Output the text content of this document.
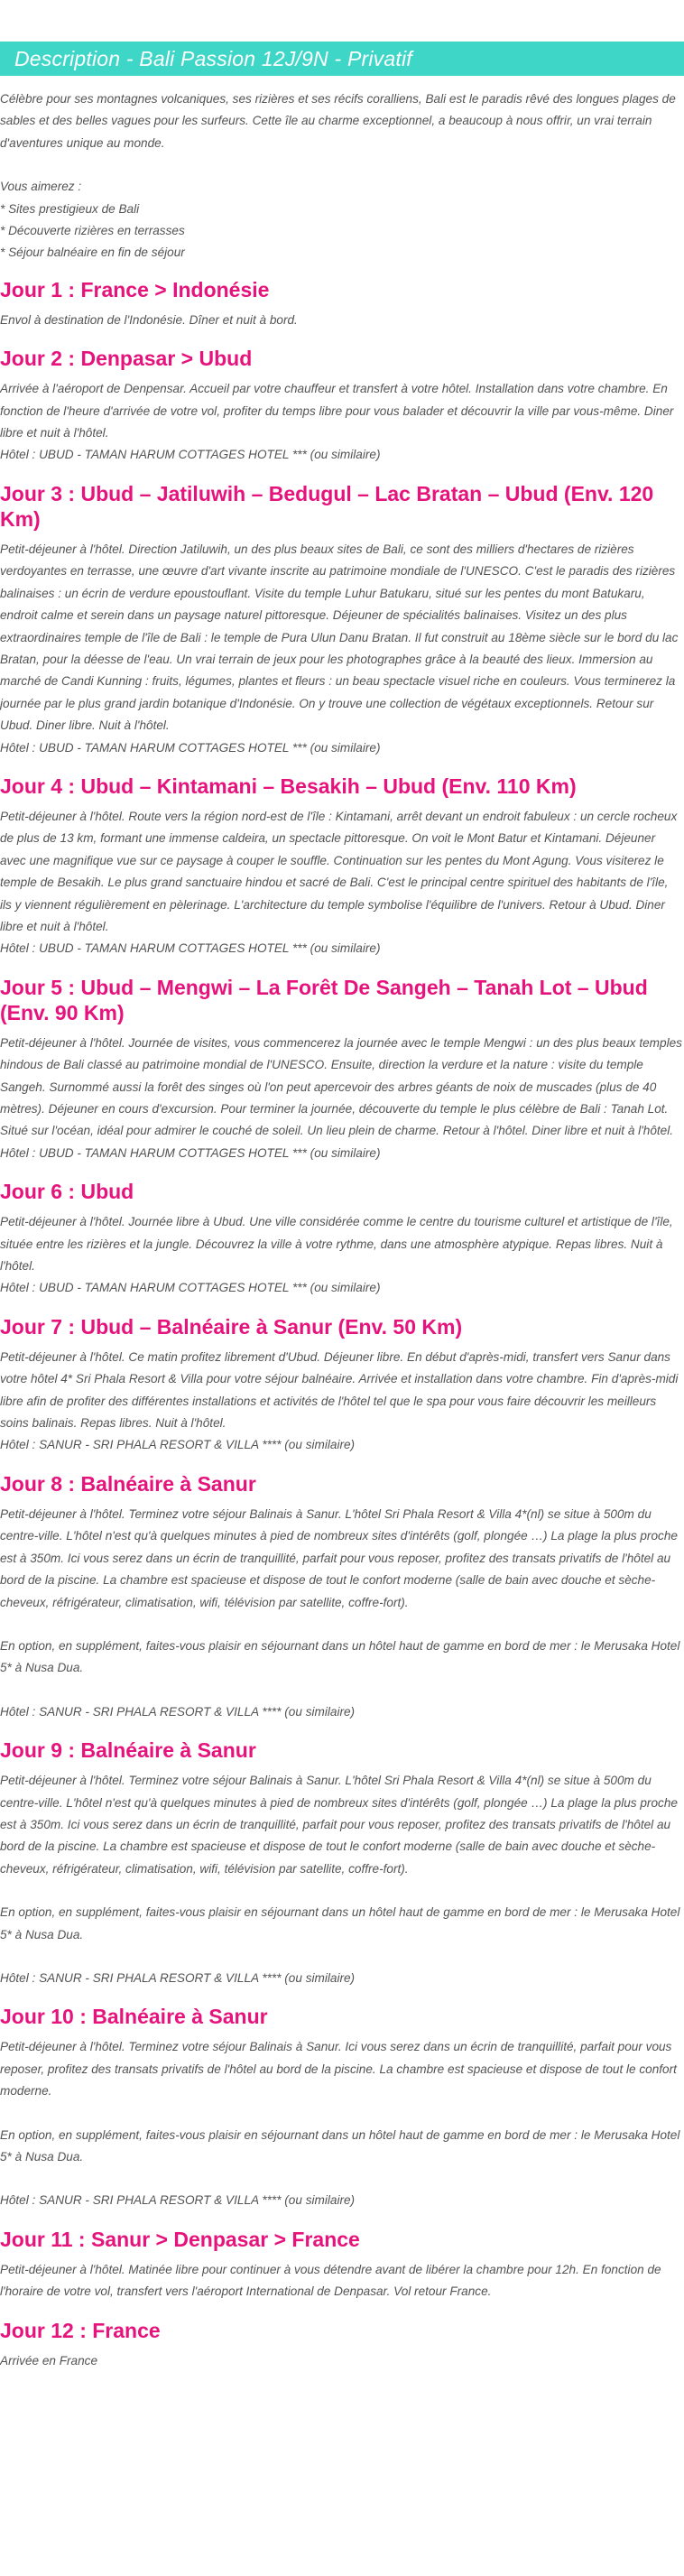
Description - Bali Passion 12J/9N - Privatif

Célèbre pour ses montagnes volcaniques, ses rizières et ses récifs coralliens, Bali est le paradis rêvé des longues plages de sables et des belles vagues pour les surfeurs. Cette île au charme exceptionnel, a beaucoup à nous offrir, un vrai terrain d'aventures unique au monde.

Vous aimerez :

* Sites prestigieux de Bali

* Découverte rizières en terrasses

* Séjour balnéaire en fin de séjour

Jour 1 : France > Indonésie

Envol à destination de l'Indonésie. Dîner et nuit à bord.

Jour 2 : Denpasar > Ubud

Arrivée à l'aéroport de Denpensar. Accueil par votre chauffeur et transfert à votre hôtel. Installation dans votre chambre. En fonction de l'heure d'arrivée de votre vol, profiter du temps libre pour vous balader et découvrir la ville par vous-même. Diner libre et nuit à l'hôtel.

Hôtel : UBUD - TAMAN HARUM COTTAGES HOTEL *** (ou similaire)

Jour 3 : Ubud – Jatiluwih – Bedugul – Lac Bratan – Ubud (Env. 120 Km)

Petit-déjeuner à l'hôtel. Direction Jatiluwih, un des plus beaux sites de Bali, ce sont des milliers d'hectares de rizières verdoyantes en terrasse, une œuvre d'art vivante inscrite au patrimoine mondiale de l'UNESCO. C'est le paradis des rizières balinaises : un écrin de verdure epoustouflant. Visite du temple Luhur Batukaru, situé sur les pentes du mont Batukaru, endroit calme et serein dans un paysage naturel pittoresque. Déjeuner de spécialités balinaises. Visitez un des plus extraordinaires temple de l'île de Bali : le temple de Pura Ulun Danu Bratan. Il fut construit au 18ème siècle sur le bord du lac Bratan, pour la déesse de l'eau. Un vrai terrain de jeux pour les photographes grâce à la beauté des lieux. Immersion au marché de Candi Kunning : fruits, légumes, plantes et fleurs : un beau spectacle visuel riche en couleurs. Vous terminerez la journée par le plus grand jardin botanique d'Indonésie. On y trouve une collection de végétaux exceptionnels. Retour sur Ubud. Diner libre. Nuit à l'hôtel.

Hôtel : UBUD - TAMAN HARUM COTTAGES HOTEL *** (ou similaire)

Jour 4 : Ubud – Kintamani – Besakih – Ubud (Env. 110 Km)

Petit-déjeuner à l'hôtel. Route vers la région nord-est de l'île : Kintamani, arrêt devant un endroit fabuleux : un cercle rocheux de plus de 13 km, formant une immense caldeira, un spectacle pittoresque. On voit le Mont Batur et Kintamani. Déjeuner avec une magnifique vue sur ce paysage à couper le souffle. Continuation sur les pentes du Mont Agung. Vous visiterez le temple de Besakih. Le plus grand sanctuaire hindou et sacré de Bali. C'est le principal centre spirituel des habitants de l'île, ils y viennent régulièrement en pèlerinage. L'architecture du temple symbolise l'équilibre de l'univers. Retour à Ubud. Diner libre et nuit à l'hôtel.

Hôtel : UBUD - TAMAN HARUM COTTAGES HOTEL *** (ou similaire)

Jour 5 : Ubud – Mengwi – La Forêt De Sangeh – Tanah Lot – Ubud (Env. 90 Km)

Petit-déjeuner à l'hôtel. Journée de visites, vous commencerez la journée avec le temple Mengwi : un des plus beaux temples hindous de Bali classé au patrimoine mondial de l'UNESCO. Ensuite, direction la verdure et la nature : visite du temple Sangeh. Surnommé aussi la forêt des singes où l'on peut apercevoir des arbres géants de noix de muscades (plus de 40 mètres). Déjeuner en cours d'excursion. Pour terminer la journée, découverte du temple le plus célèbre de Bali : Tanah Lot. Situé sur l'océan, idéal pour admirer le couché de soleil. Un lieu plein de charme. Retour à l'hôtel. Diner libre et nuit à l'hôtel.

Hôtel : UBUD - TAMAN HARUM COTTAGES HOTEL *** (ou similaire)

Jour 6 : Ubud

Petit-déjeuner à l'hôtel. Journée libre à Ubud. Une ville considérée comme le centre du tourisme culturel et artistique de l'île, située entre les rizières et la jungle. Découvrez la ville à votre rythme, dans une atmosphère atypique. Repas libres. Nuit à l'hôtel.

Hôtel : UBUD - TAMAN HARUM COTTAGES HOTEL *** (ou similaire)

Jour 7 : Ubud – Balnéaire à Sanur (Env. 50 Km)

Petit-déjeuner à l'hôtel. Ce matin profitez librement d'Ubud. Déjeuner libre. En début d'après-midi, transfert vers Sanur dans votre hôtel 4* Sri Phala Resort & Villa pour votre séjour balnéaire. Arrivée et installation dans votre chambre. Fin d'après-midi libre afin de profiter des différentes installations et activités de l'hôtel tel que le spa pour vous faire découvrir les meilleurs soins balinais. Repas libres. Nuit à l'hôtel.

Hôtel : SANUR - SRI PHALA RESORT & VILLA **** (ou similaire)

Jour 8 : Balnéaire à Sanur

Petit-déjeuner à l'hôtel. Terminez votre séjour Balinais à Sanur. L'hôtel Sri Phala Resort & Villa 4*(nl) se situe à 500m du centre-ville. L'hôtel n'est qu'à quelques minutes à pied de nombreux sites d'intérêts (golf, plongée …) La plage la plus proche est à 350m. Ici vous serez dans un écrin de tranquillité, parfait pour vous reposer, profitez des transats privatifs de l'hôtel au bord de la piscine. La chambre est spacieuse et dispose de tout le confort moderne (salle de bain avec douche et sèche-cheveux, réfrigérateur, climatisation, wifi, télévision par satellite, coffre-fort).

En option, en supplément, faites-vous plaisir en séjournant dans un hôtel haut de gamme en bord de mer : le Merusaka Hotel 5* à Nusa Dua.

Hôtel : SANUR - SRI PHALA RESORT & VILLA **** (ou similaire)

Jour 9 : Balnéaire à Sanur

Petit-déjeuner à l'hôtel. Terminez votre séjour Balinais à Sanur. L'hôtel Sri Phala Resort & Villa 4*(nl) se situe à 500m du centre-ville. L'hôtel n'est qu'à quelques minutes à pied de nombreux sites d'intérêts (golf, plongée …) La plage la plus proche est à 350m. Ici vous serez dans un écrin de tranquillité, parfait pour vous reposer, profitez des transats privatifs de l'hôtel au bord de la piscine. La chambre est spacieuse et dispose de tout le confort moderne (salle de bain avec douche et sèche-cheveux, réfrigérateur, climatisation, wifi, télévision par satellite, coffre-fort).

En option, en supplément, faites-vous plaisir en séjournant dans un hôtel haut de gamme en bord de mer : le Merusaka Hotel 5* à Nusa Dua.

Hôtel : SANUR - SRI PHALA RESORT & VILLA **** (ou similaire)

Jour 10 : Balnéaire à Sanur

Petit-déjeuner à l'hôtel. Terminez votre séjour Balinais à Sanur. Ici vous serez dans un écrin de tranquillité, parfait pour vous reposer, profitez des transats privatifs de l'hôtel au bord de la piscine. La chambre est spacieuse et dispose de tout le confort moderne.

En option, en supplément, faites-vous plaisir en séjournant dans un hôtel haut de gamme en bord de mer : le Merusaka Hotel 5* à Nusa Dua.

Hôtel : SANUR - SRI PHALA RESORT & VILLA **** (ou similaire)

Jour 11 : Sanur > Denpasar > France

Petit-déjeuner à l'hôtel. Matinée libre pour continuer à vous détendre avant de libérer la chambre pour 12h. En fonction de l'horaire de votre vol, transfert vers l'aéroport International de Denpasar. Vol retour France.

Jour 12 : France

Arrivée en France
